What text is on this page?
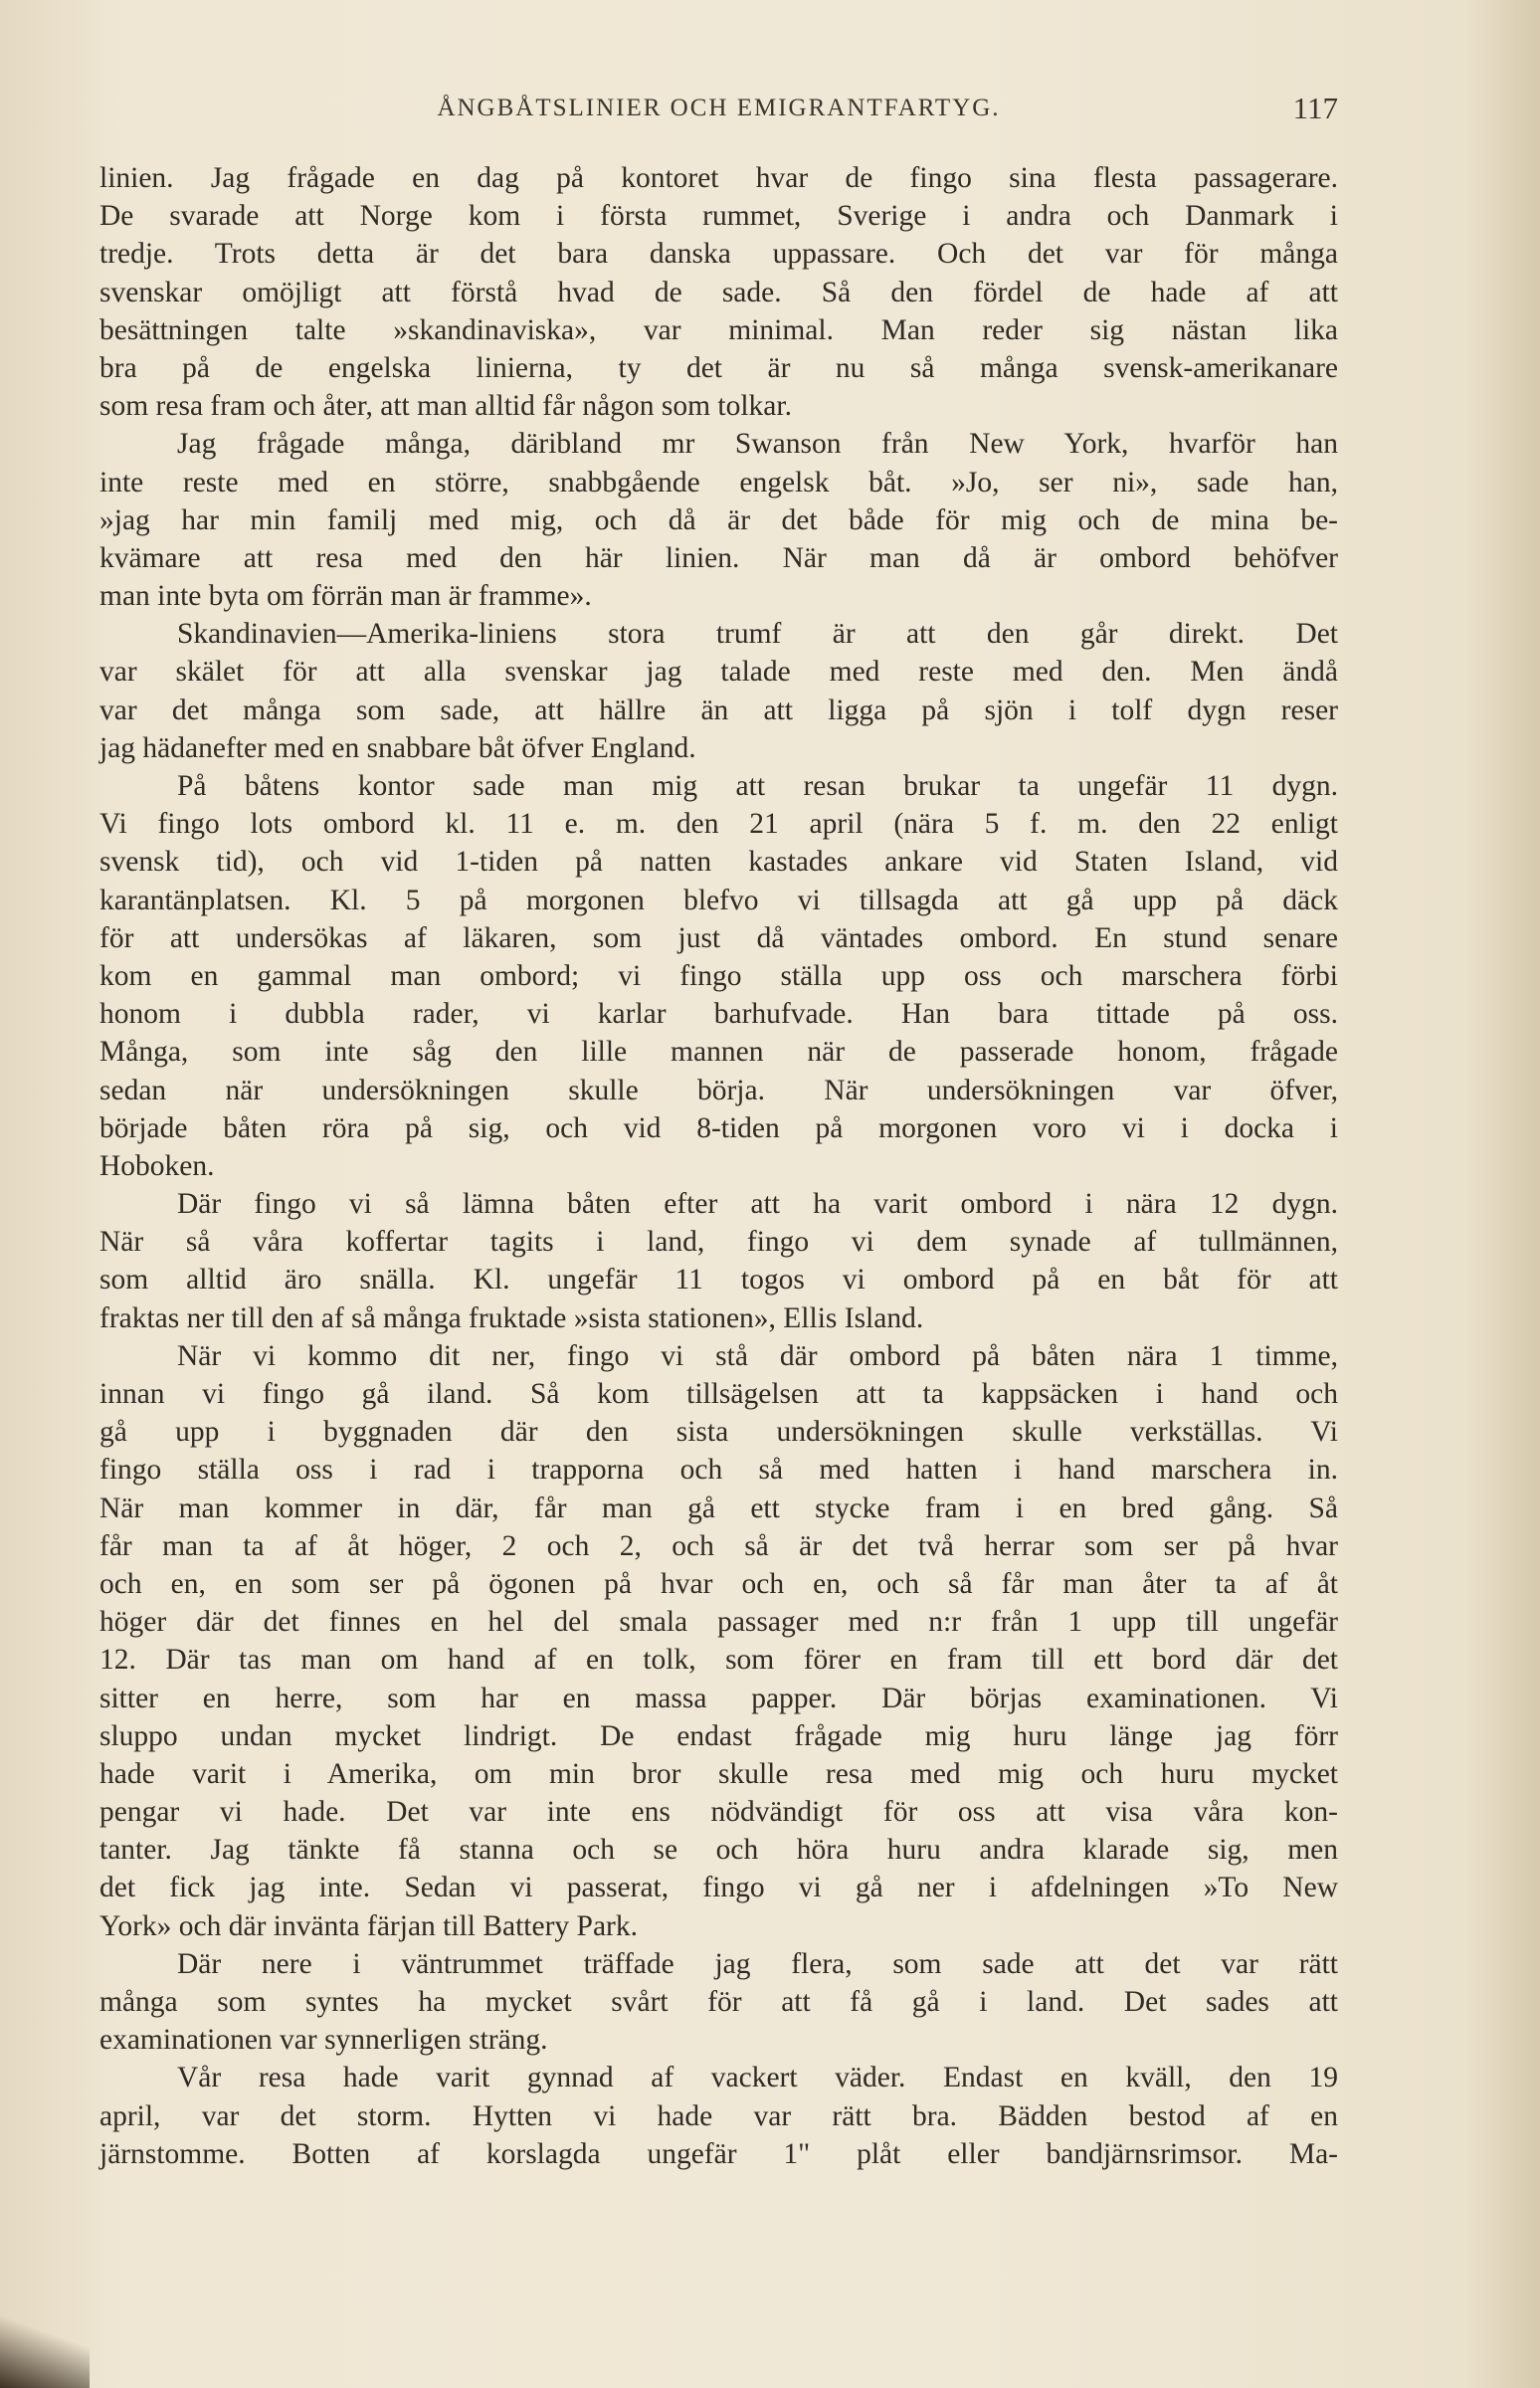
ÅNGBÅTSLINIER OCH EMIGRANTFARTYG.	117
linien. Jag frågade en dag på kontoret hvar de fingo sina flesta passagerare.
De svarade att Norge kom i första rummet, Sverige i andra och Danmark i
tredje. Trots detta är det bara danska uppassare. Och det var för många
svenskar omöjligt att förstå hvad de sade. Så den fördel de hade af att
besättningen talte »skandinaviska», var minimal. Man reder sig nästan lika
bra på de engelska linierna, ty det är nu så många svensk-amerikanare
som resa fram och åter, att man alltid får någon som tolkar.
Jag frågade många, däribland mr Swanson från New York, hvarför han
inte reste med en större, snabbgående engelsk båt. »Jo, ser ni», sade han,
»jag har min familj med mig, och då är det både för mig och de mina be-
kvämare att resa med den här linien. När man då är ombord behöfver
man inte byta om förrän man är framme».
Skandinavien—Amerika-liniens stora trumf är att den går direkt. Det
var skälet för att alla svenskar jag talade med reste med den. Men ändå
var det många som sade, att hällre än att ligga på sjön i tolf dygn reser
jag hädanefter med en snabbare båt öfver England.
På båtens kontor sade man mig att resan brukar ta ungefär 11 dygn.
Vi fingo lots ombord kl. 11 e. m. den 21 april (nära 5 f. m. den 22 enligt
svensk tid), och vid 1-tiden på natten kastades ankare vid Staten Island, vid
karantänplatsen. Kl. 5 på morgonen blefvo vi tillsagda att gå upp på däck
för att undersökas af läkaren, som just då väntades ombord. En stund senare
kom en gammal man ombord; vi fingo ställa upp oss och marschera förbi
honom i dubbla rader, vi karlar barhufvade. Han bara tittade på oss.
Många, som inte såg den lille mannen när de passerade honom, frågade
sedan när undersökningen skulle börja. När undersökningen var öfver,
började båten röra på sig, och vid 8-tiden på morgonen voro vi i docka i
Hoboken.
Där fingo vi så lämna båten efter att ha varit ombord i nära 12 dygn.
När så våra koffertar tagits i land, fingo vi dem synade af tullmännen,
som alltid äro snälla. Kl. ungefär 11 togos vi ombord på en båt för att
fraktas ner till den af så många fruktade »sista stationen», Ellis Island.
När vi kommo dit ner, fingo vi stå där ombord på båten nära 1 timme,
innan vi fingo gå iland. Så kom tillsägelsen att ta kappsäcken i hand och
gå upp i byggnaden där den sista undersökningen skulle verkställas. Vi
fingo ställa oss i rad i trapporna och så med hatten i hand marschera in.
När man kommer in där, får man gå ett stycke fram i en bred gång. Så
får man ta af åt höger, 2 och 2, och så är det två herrar som ser på hvar
och en, en som ser på ögonen på hvar och en, och så får man åter ta af åt
höger där det finnes en hel del smala passager med n:r från 1 upp till ungefär
12. Där tas man om hand af en tolk, som förer en fram till ett bord där det
sitter en herre, som har en massa papper. Där börjas examinationen. Vi
sluppo undan mycket lindrigt. De endast frågade mig huru länge jag förr
hade varit i Amerika, om min bror skulle resa med mig och huru mycket
pengar vi hade. Det var inte ens nödvändigt för oss att visa våra kon-
tanter. Jag tänkte få stanna och se och höra huru andra klarade sig, men
det fick jag inte. Sedan vi passerat, fingo vi gå ner i afdelningen »To New
York» och där invänta färjan till Battery Park.
Där nere i väntrummet träffade jag flera, som sade att det var rätt
många som syntes ha mycket svårt för att få gå i land. Det sades att
examinationen var synnerligen sträng.
Vår resa hade varit gynnad af vackert väder. Endast en kväll, den 19
april, var det storm. Hytten vi hade var rätt bra. Bädden bestod af en
järnstomme. Botten af korslagda ungefär 1" plåt eller bandjärnsrimsor. Ma-
